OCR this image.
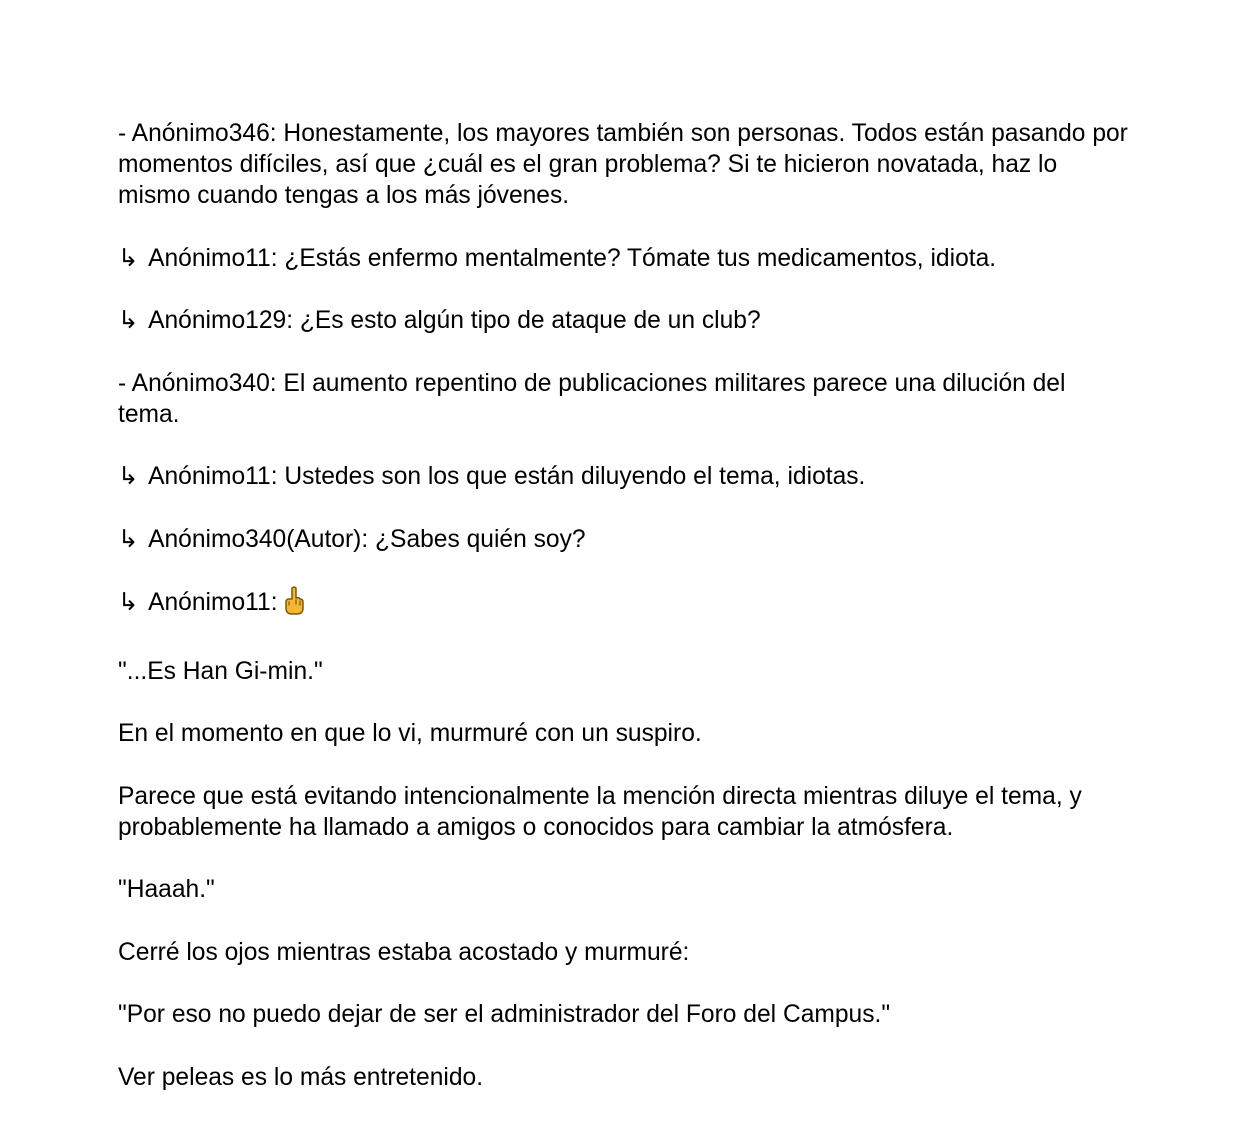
- Anónimo346: Honestamente, los mayores también son personas. Todos están pasando por momentos difíciles, así que ¿cuál es el gran problema? Si te hicieron novatada, haz lo mismo cuando tengas a los más jóvenes.

↳ Anónimo11: ¿Estás enfermo mentalmente? Tómate tus medicamentos, idiota.

↳ Anónimo129: ¿Es esto algún tipo de ataque de un club?

- Anónimo340: El aumento repentino de publicaciones militares parece una dilución del tema.

↳ Anónimo11: Ustedes son los que están diluyendo el tema, idiotas.

↳ Anónimo340(Autor): ¿Sabes quién soy?

↳ Anónimo11:

"...Es Han Gi-min."

En el momento en que lo vi, murmuré con un suspiro.

Parece que está evitando intencionalmente la mención directa mientras diluye el tema, y probablemente ha llamado a amigos o conocidos para cambiar la atmósfera.

"Haaah."

Cerré los ojos mientras estaba acostado y murmuré:

"Por eso no puedo dejar de ser el administrador del Foro del Campus."

Ver peleas es lo más entretenido.
